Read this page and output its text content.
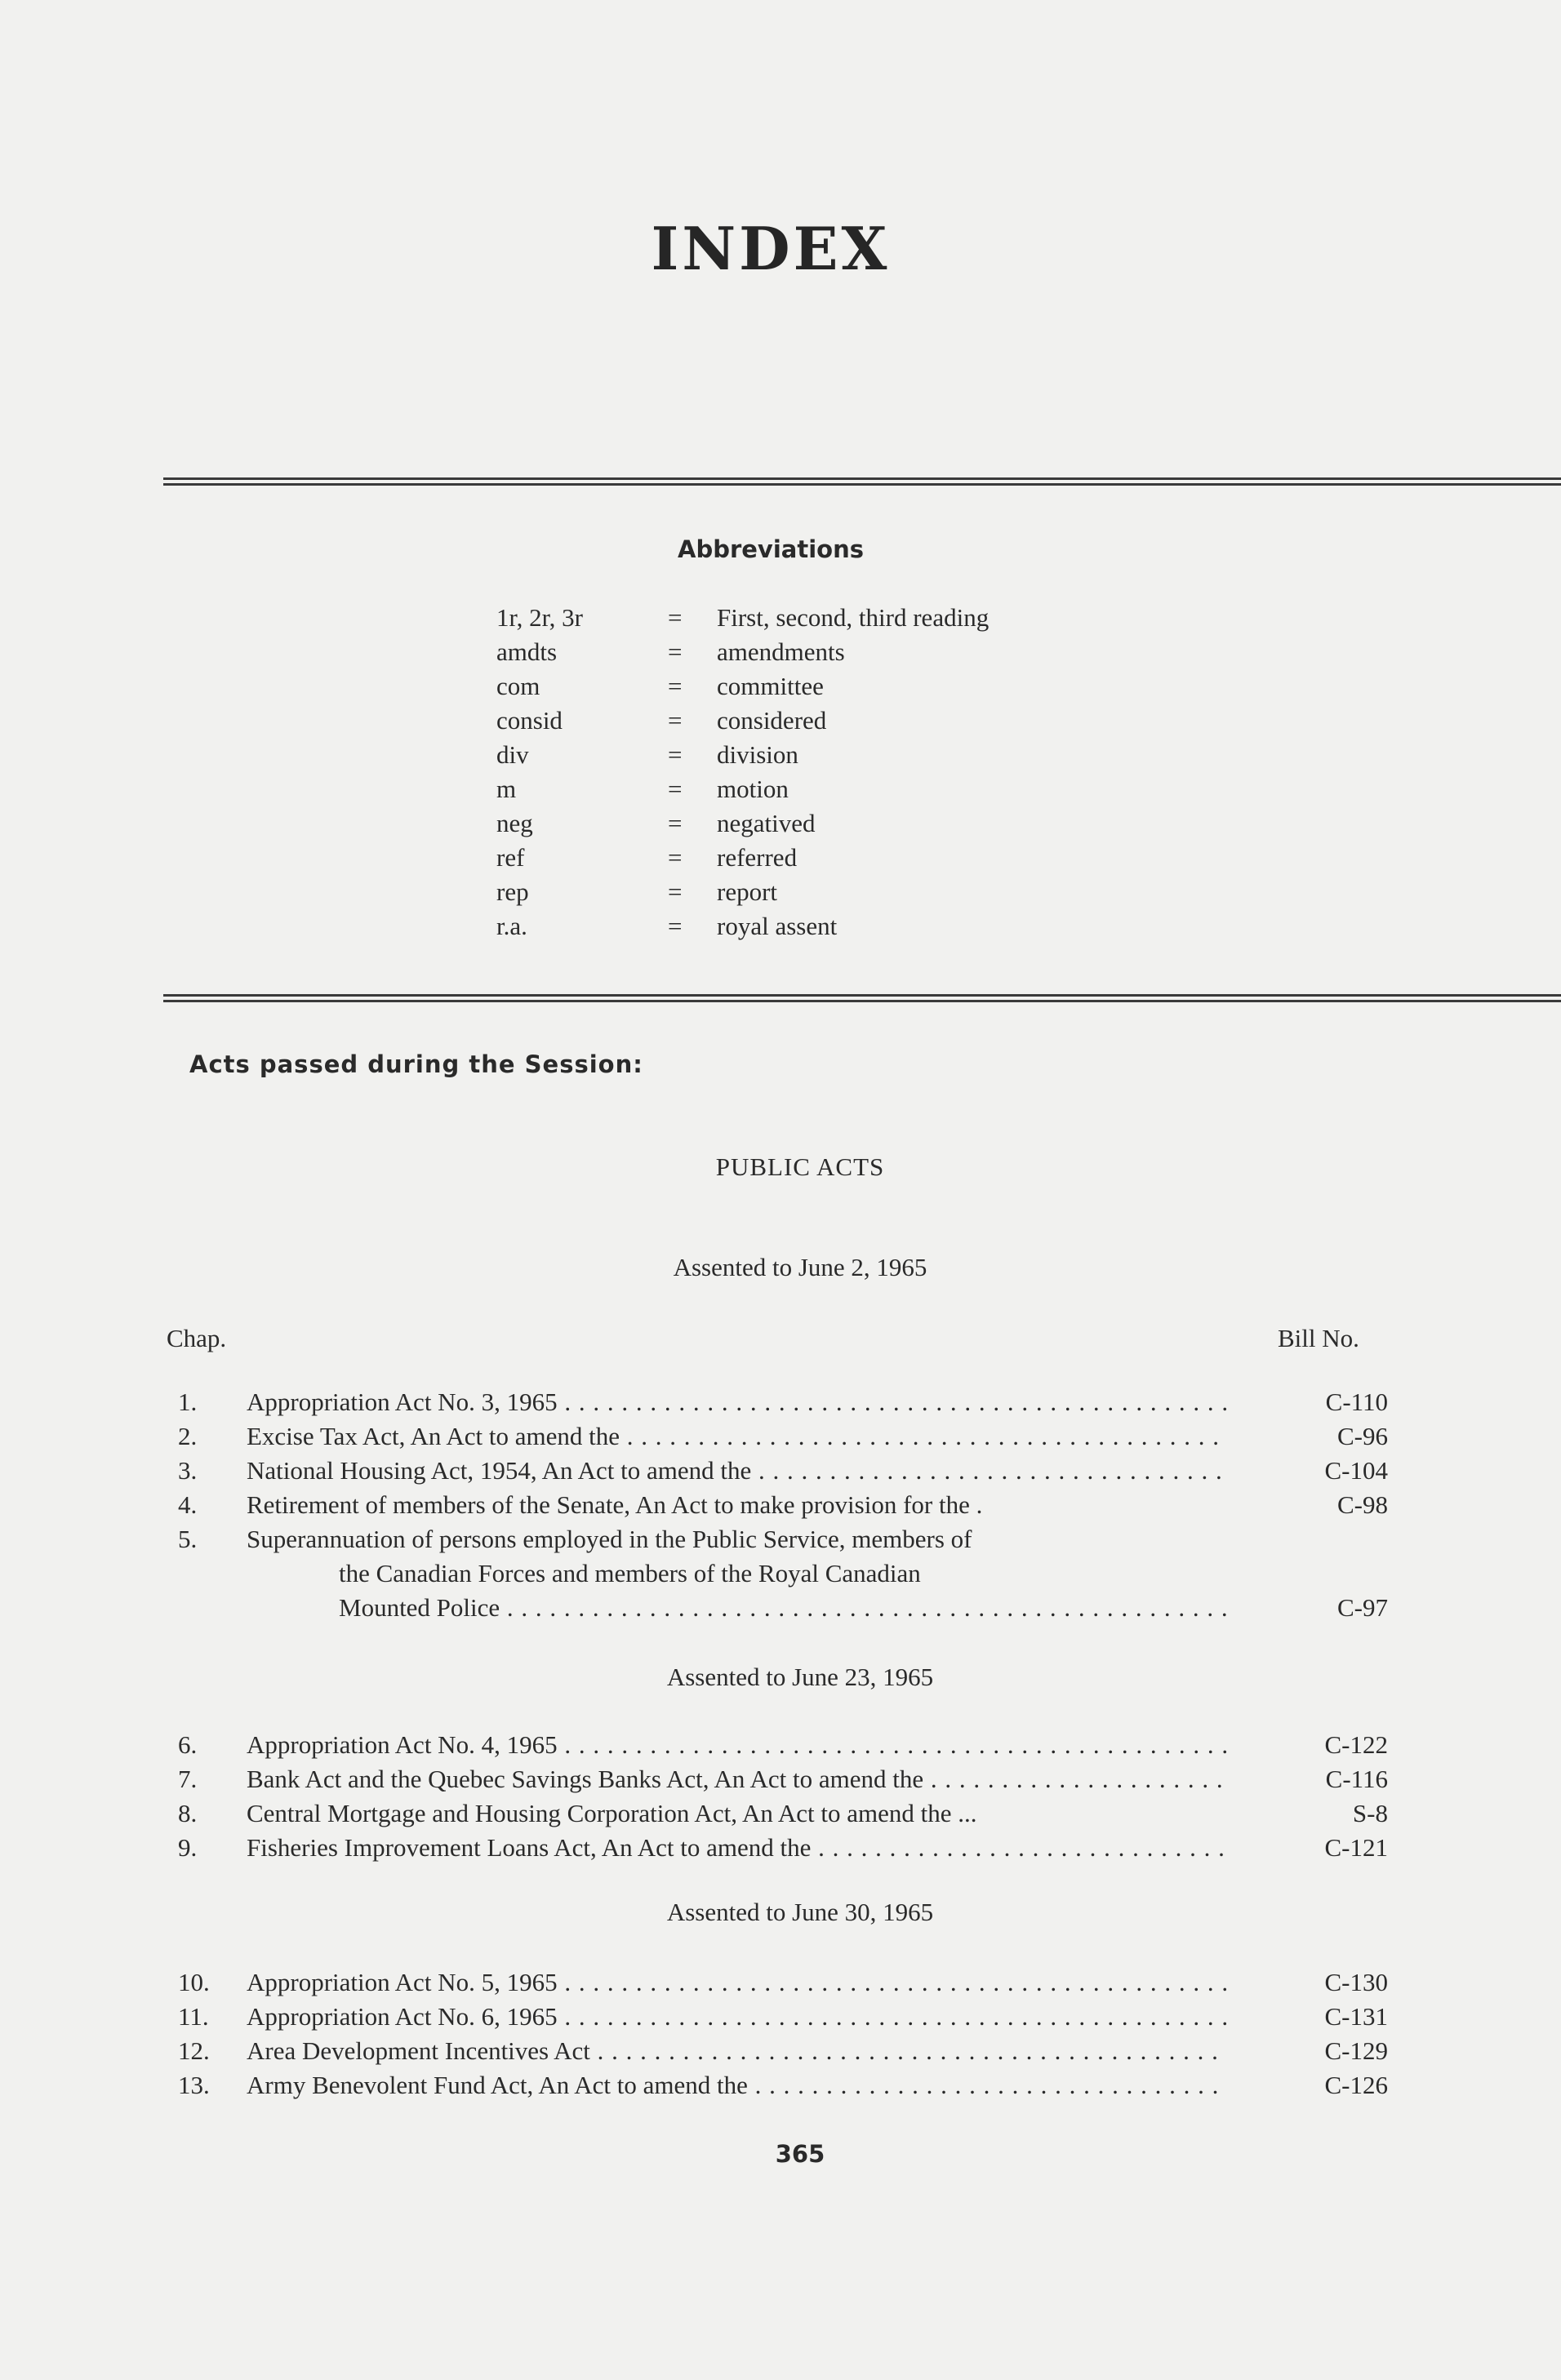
INDEX
Abbreviations
1r, 2r, 3r	=	First, second, third reading
amdts	=	amendments
com	=	committee
consid	=	considered
div	=	division
m	=	motion
neg	=	negatived
ref	=	referred
rep	=	report
r.a.	=	royal assent
Acts passed during the Session:
PUBLIC ACTS
Assented to June 2, 1965
Chap.	Bill No.
1.	Appropriation Act No. 3, 1965 . . .	C-110
2.	Excise Tax Act, An Act to amend the . . .	C-96
3.	National Housing Act, 1954, An Act to amend the . . .	C-104
4.	Retirement of members of the Senate, An Act to make provision for the .	C-98
5.	Superannuation of persons employed in the Public Service, members of
the Canadian Forces and members of the Royal Canadian
Mounted Police . . .	C-97
Assented to June 23, 1965
6.	Appropriation Act No. 4, 1965 . . .	C-122
7.	Bank Act and the Quebec Savings Banks Act, An Act to amend the . . .	C-116
8.	Central Mortgage and Housing Corporation Act, An Act to amend the ...	S-8
9.	Fisheries Improvement Loans Act, An Act to amend the . . .	C-121
Assented to June 30, 1965
10.	Appropriation Act No. 5, 1965 . . .	C-130
11.	Appropriation Act No. 6, 1965 . . .	C-131
12.	Area Development Incentives Act . . .	C-129
13.	Army Benevolent Fund Act, An Act to amend the . . .	C-126
365
